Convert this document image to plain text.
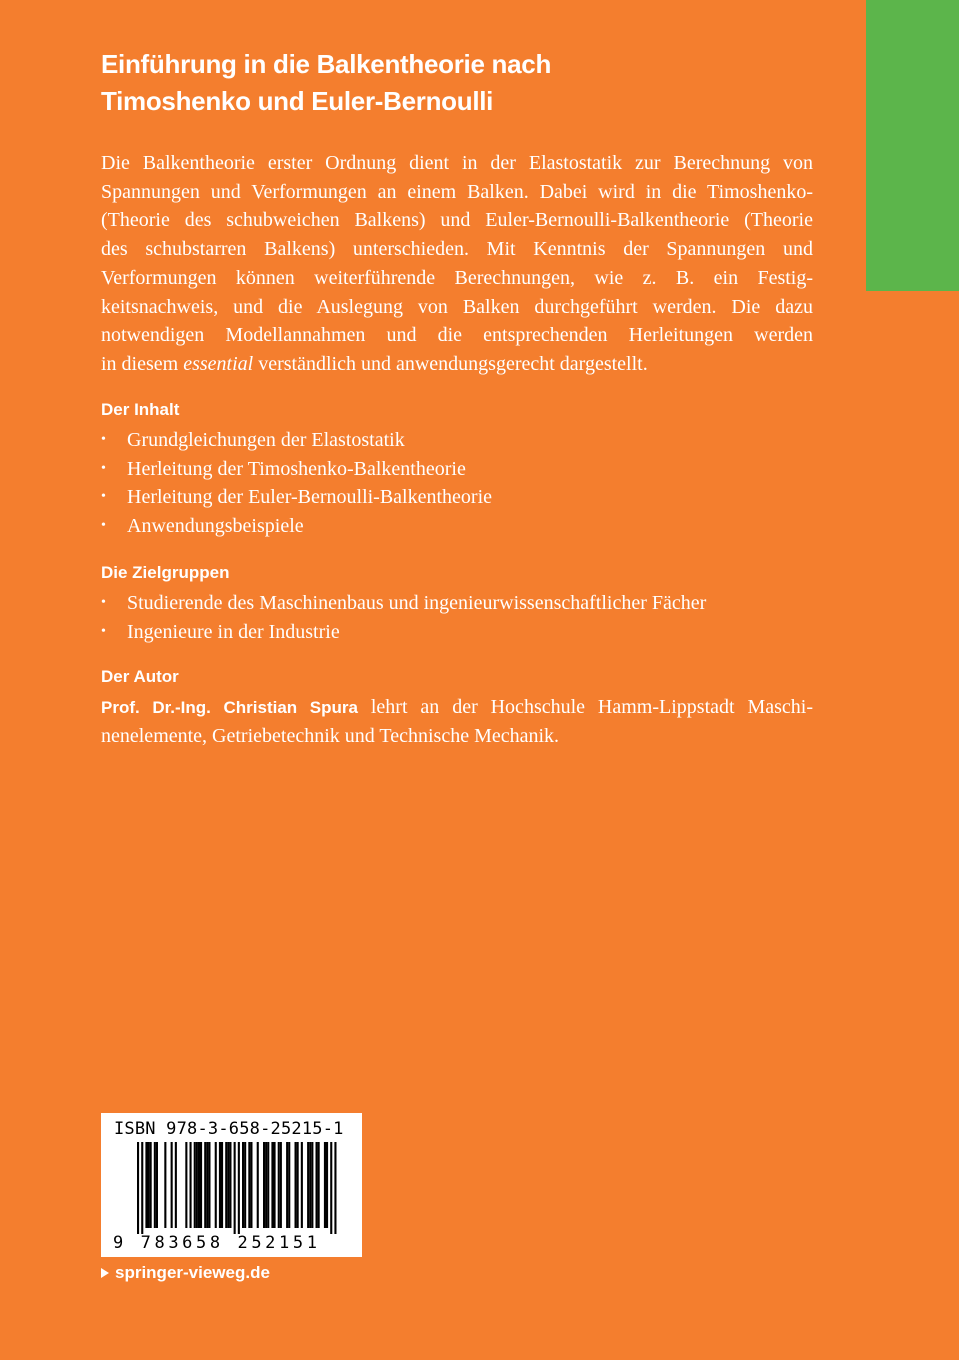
Einführung in die Balkentheorie nach
Timoshenko und Euler-Bernoulli

Die Balkentheorie erster Ordnung dient in der Elastostatik zur Berechnung von
Spannungen und Verformungen an einem Balken. Dabei wird in die Timoshenko-
(Theorie des schubweichen Balkens) und Euler-Bernoulli-Balkentheorie (Theorie
des schubstarren Balkens) unterschieden. Mit Kenntnis der Spannungen und
Verformungen können weiterführende Berechnungen, wie z. B. ein Festig-
keitsnachweis, und die Auslegung von Balken durchgeführt werden. Die dazu
notwendigen Modellannahmen und die entsprechenden Herleitungen werden
in diesem essential verständlich und anwendungsgerecht dargestellt.

Der Inhalt
• Grundgleichungen der Elastostatik
• Herleitung der Timoshenko-Balkentheorie
• Herleitung der Euler-Bernoulli-Balkentheorie
• Anwendungsbeispiele
Die Zielgruppen
• Studierende des Maschinenbaus und ingenieurwissenschaftlicher Fächer
• Ingenieure in der Industrie
Der Autor

Prof. Dr.-Ing. Christian Spura lehrt an der Hochschule Hamm-Lippstadt Maschi-
nenelemente, Getriebetechnik und Technische Mechanik.

ISBN 978-3-658-25215-1
9 783658 252151
springer-vieweg.de
